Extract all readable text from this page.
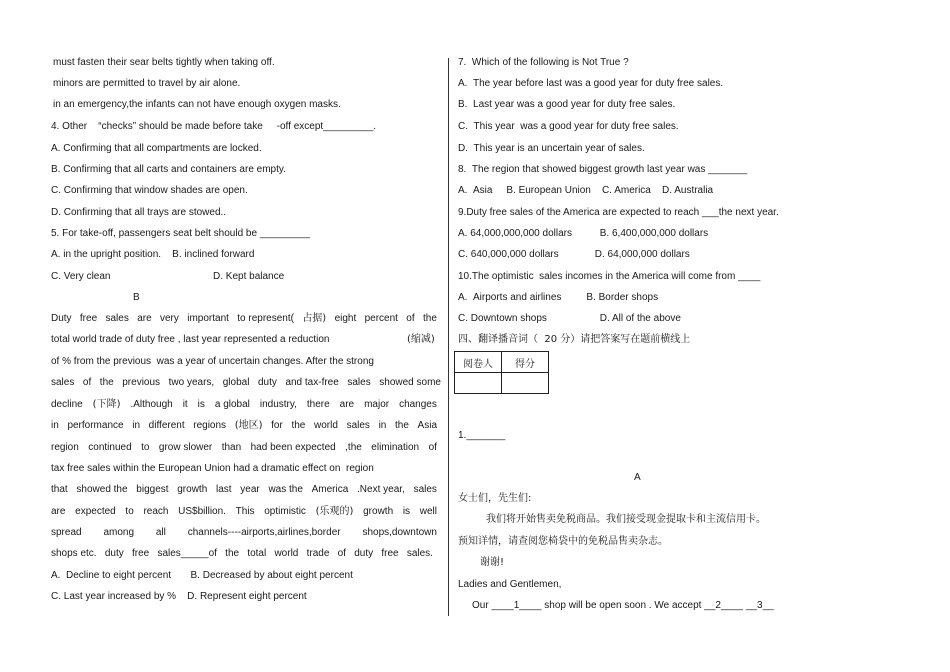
must fasten their sear belts tightly when taking off.
minors are permitted to travel by air alone.
in an emergency,the infants can not have enough oxygen masks.
4. Other    “checks” should be made before take     -off except_________.
A. Confirming that all compartments are locked.
B. Confirming that all carts and containers are empty.
C. Confirming that window shades are open.
D. Confirming that all trays are stowed..
5. For take-off, passengers seat belt should be _________
A. in the upright position.    B. inclined forward
C. Very clean	D. Kept balance
B
Duty free sales are very important to represent( 占据) eight percent of the
total world trade of duty free , last year represented a reduction	(缩减)
of % from the previous  was a year of uncertain changes. After the strong
sales of the previous two years, global duty and tax-free sales showed some
decline (下降) .Although it is a global industry, there are major changes
in performance in different regions (地区) for the world sales in the Asia
region continued to grow slower than had been expected ,the elimination of
tax free sales within the European Union had a dramatic effect on  region
that showed the biggest growth last year was the America .Next year, sales
are expected to reach US$billion. This optimistic (乐观的) growth is well
spread among all channels----airports,airlines,border shops,downtown
shops etc. duty free sales_____of the total world trade of duty free sales.
A.  Decline to eight percent       B. Decreased by about eight percent
C. Last year increased by %    D. Represent eight percent
7.  Which of the following is Not True ?
A.  The year before last was a good year for duty free sales.
B.  Last year was a good year for duty free sales.
C.  This year  was a good year for duty free sales.
D.  This year is an uncertain year of sales.
8.  The region that showed biggest growth last year was _______
A.  Asia     B. European Union    C. America    D. Australia
9.Duty free sales of the America are expected to reach ___the next year.
A. 64,000,000,000 dollars          B. 6,400,000,000 dollars
C. 640,000,000 dollars             D. 64,000,000 dollars
10.The optimistic  sales incomes in the America will come from ____
A.  Airports and airlines         B. Border shops
C. Downtown shops                   D. All of the above
四、翻译播音词（  20 分）请把答案写在题前横线上
阅卷人	得分

1._______
A
女士们，先生们:
我们将开始售卖免税商品。我们接受现金提取卡和主流信用卡。
预知详情，请查阅您椅袋中的免税品售卖杂志。
谢谢!
Ladies and Gentlemen,
Our ____1____ shop will be open soon . We accept __2____ __3__
